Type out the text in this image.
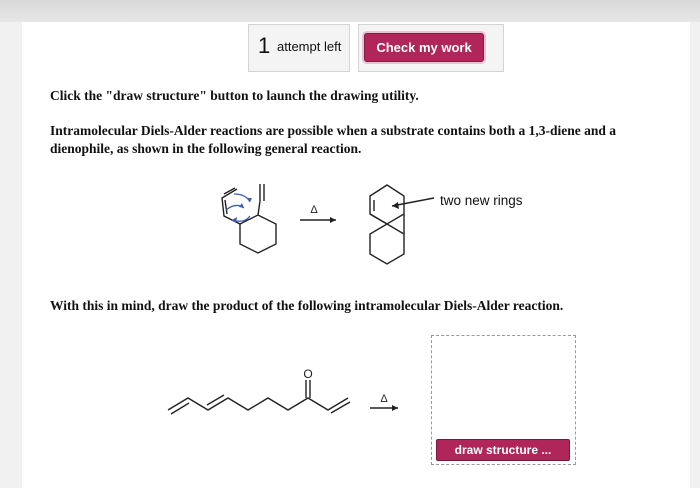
1 attempt left	Check my work
Click the "draw structure" button to launch the drawing utility.
Intramolecular Diels-Alder reactions are possible when a substrate contains both a 1,3-diene and a dienophile, as shown in the following general reaction.
Δ
two new rings
With this in mind, draw the product of the following intramolecular Diels-Alder reaction.
O
Δ
draw structure ...
